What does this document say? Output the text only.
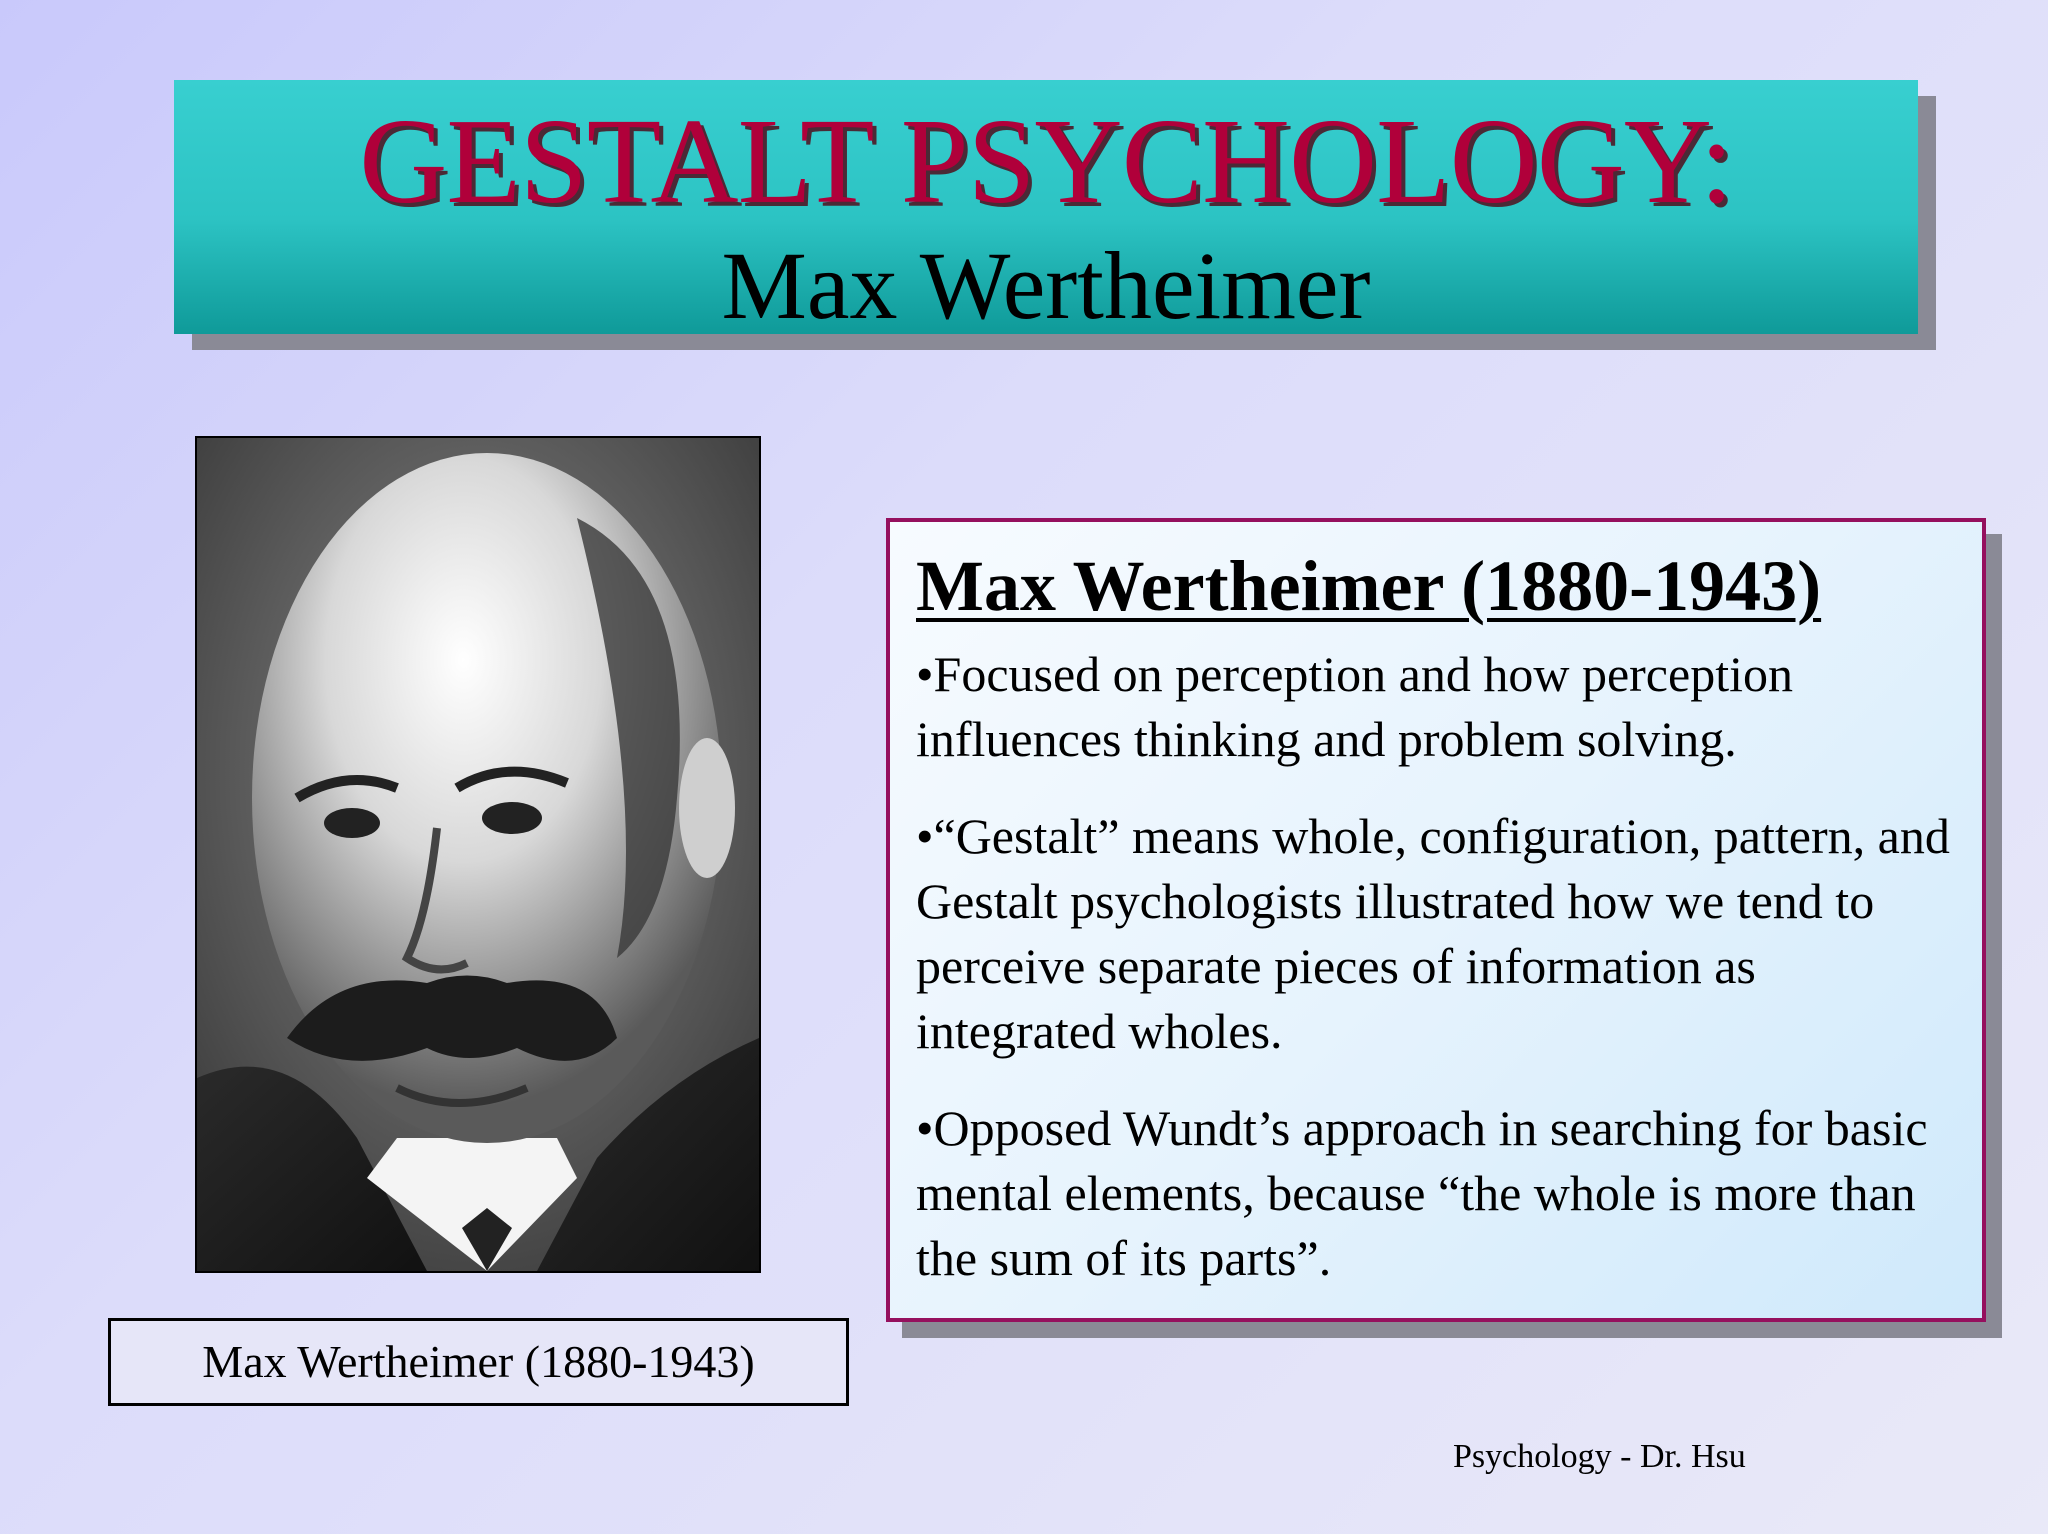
GESTALT PSYCHOLOGY:
Max Wertheimer
Max Wertheimer (1880-1943)
Max Wertheimer (1880-1943)
•Focused on perception and how perception influences thinking and problem solving.
•“Gestalt” means whole, configuration, pattern, and Gestalt psychologists illustrated how we tend to perceive separate pieces of information as integrated wholes.
•Opposed Wundt’s approach in searching for basic mental elements, because “the whole is more than the sum of its parts”.
Psychology - Dr. Hsu
